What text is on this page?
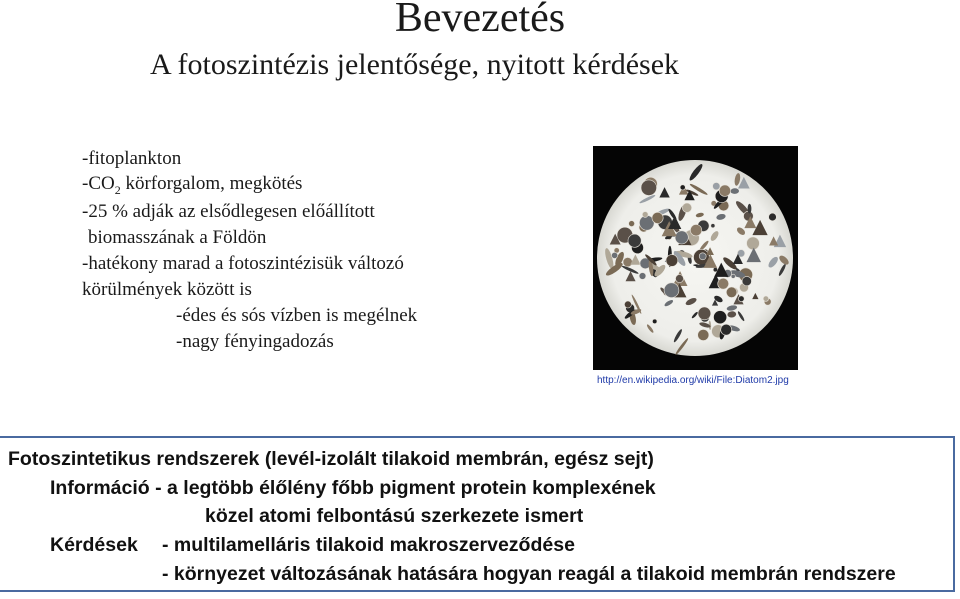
Bevezetés
A fotoszintézis jelentősége, nyitott kérdések
-fitoplankton
$-CO_2$ körforgalom, megkötés
-25 % adják az elsődlegesen előállított
biomasszának a Földön
-hatékony marad a fotoszintézisük változó
körülmények között is
-édes és sós vízben is megélnek
-nagy fényingadozás
http://en.wikipedia.org/wiki/File:Diatom2.jpg
Fotoszintetikus rendszerek (levél-izolált tilakoid membrán, egész sejt)
Információ - a legtöbb élőlény főbb pigment protein komplexének
közel atomi felbontású szerkezete ismert
Kérdések - multilamelláris tilakoid makroszerveződése
- környezet változásának hatására hogyan reagál a tilakoid membrán rendszere
